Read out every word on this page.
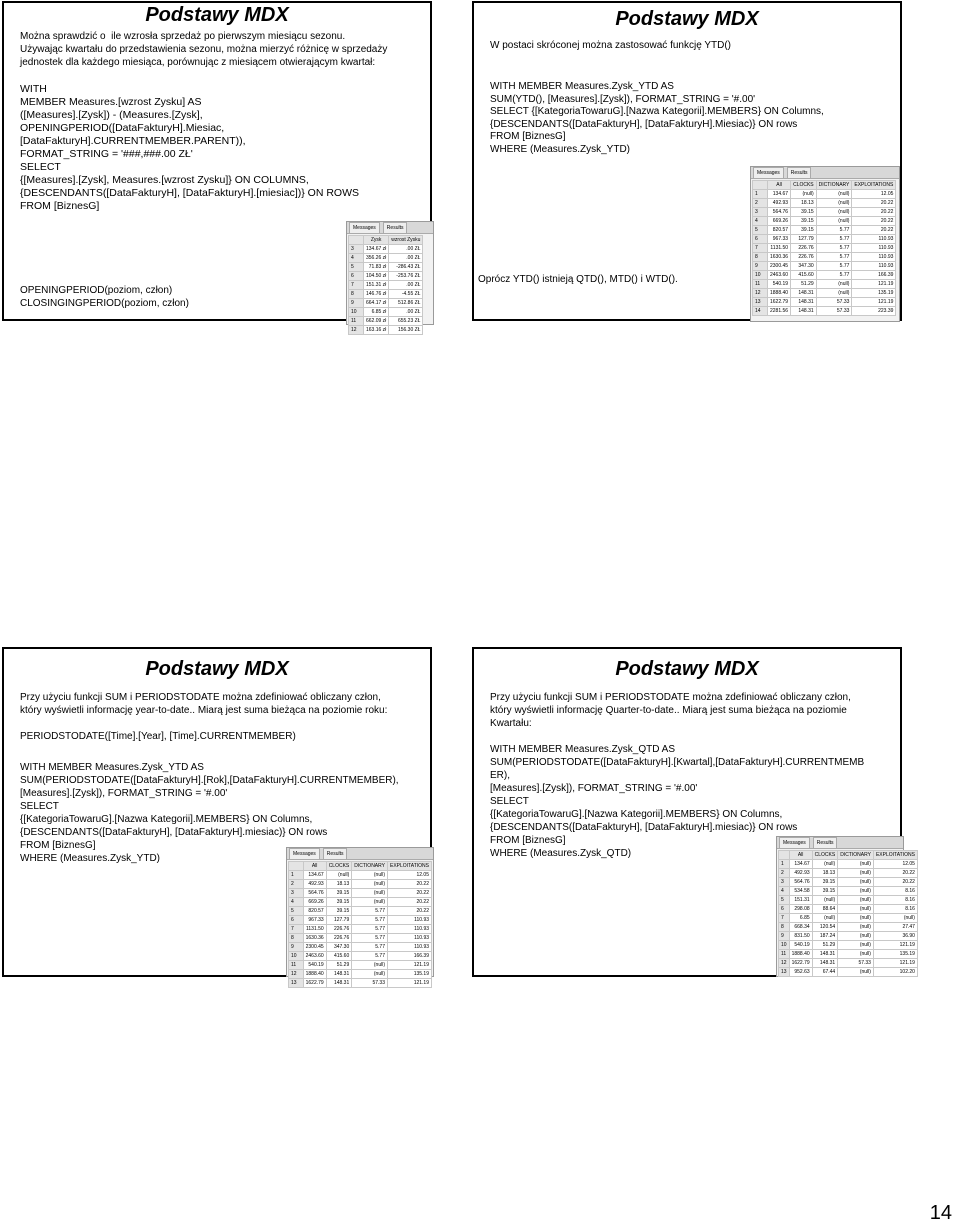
Podstawy MDX
Można sprawdzić o  ile wzrosła sprzedaż po pierwszym miesiącu sezonu.
Używając kwartału do przedstawienia sezonu, można mierzyć różnicę w sprzedaży
jednostek dla każdego miesiąca, porównując z miesiącem otwierającym kwartał:
WITH
MEMBER Measures.[wzrost Zysku] AS
([Measures].[Zysk]) - (Measures.[Zysk],
OPENINGPERIOD([DataFakturyH].Miesiac,
[DataFakturyH].CURRENTMEMBER.PARENT)),
FORMAT_STRING = '###,###.00 ZŁ'
SELECT
{[Measures].[Zysk], Measures.[wzrost Zysku]} ON COLUMNS,
{DESCENDANTS([DataFakturyH], [DataFakturyH].[miesiac])} ON ROWS
FROM [BiznesG]
OPENINGPERIOD(poziom, człon)
CLOSINGINGPERIOD(poziom, człon)
Messages	Results
	Zysk	wzrost Zysku
3	134.67 zł	.00 ZŁ
4	356.26 zł	.00 ZŁ
5	71.83 zł	-286.43 ZŁ
6	104.50 zł	-253.76 ZŁ
7	151.31 zł	.00 ZŁ
8	146.76 zł	-4.55 ZŁ
9	664.17 zł	512.86 ZŁ
10	6.85 zł	.00 ZŁ
11	662.09 zł	655.23 ZŁ
12	163.16 zł	156.30 ZŁ
Podstawy MDX
W postaci skróconej można zastosować funkcję YTD()
WITH MEMBER Measures.Zysk_YTD AS
SUM(YTD(), [Measures].[Zysk]), FORMAT_STRING = '#.00'
SELECT {[KategoriaTowaruG].[Nazwa Kategorii].MEMBERS} ON Columns,
{DESCENDANTS([DataFakturyH], [DataFakturyH].Miesiac)} ON rows
FROM [BiznesG]
WHERE (Measures.Zysk_YTD)
Oprócz YTD() istnieją QTD(), MTD() i WTD().
Messages	Results
	All	CLOCKS	DICTIONARY	EXPLOITATIONS
1	134.67	(null)	(null)	12.05
2	492.93	18.13	(null)	20.22
3	564.76	39.15	(null)	20.22
4	669.26	39.15	(null)	20.22
5	820.57	39.15	5.77	20.22
6	967.33	127.79	5.77	110.93
7	1131.50	226.76	5.77	110.93
8	1630.36	226.76	5.77	110.93
9	2300.45	347.30	5.77	110.93
10	2463.60	415.60	5.77	166.39
11	540.19	51.29	(null)	121.19
12	1888.40	148.31	(null)	135.19
13	1622.79	148.31	57.33	121.19
14	2281.56	148.31	57.33	223.39
Podstawy MDX
Przy użyciu funkcji SUM i PERIODSTODATE można zdefiniować obliczany człon,
który wyświetli informację year-to-date.. Miarą jest suma bieżąca na poziomie roku:
PERIODSTODATE([Time].[Year], [Time].CURRENTMEMBER)
WITH MEMBER Measures.Zysk_YTD AS
SUM(PERIODSTODATE([DataFakturyH].[Rok],[DataFakturyH].CURRENTMEMBER),
[Measures].[Zysk]), FORMAT_STRING = '#.00'
SELECT
{[KategoriaTowaruG].[Nazwa Kategorii].MEMBERS} ON Columns,
{DESCENDANTS([DataFakturyH], [DataFakturyH].miesiac)} ON rows
FROM [BiznesG]
WHERE (Measures.Zysk_YTD)	Messages	Results
	All	CLOCKS	DICTIONARY	EXPLOITATIONS
1	134.67	(null)	(null)	12.05
2	492.93	18.13	(null)	20.22
3	564.76	39.15	(null)	20.22
4	669.26	39.15	(null)	20.22
5	820.57	39.15	5.77	20.22
6	967.33	127.79	5.77	110.93
7	1131.50	226.76	5.77	110.93
8	1630.36	226.76	5.77	110.93
9	2300.45	347.30	5.77	110.93
10	2463.60	415.60	5.77	166.39
11	540.19	51.29	(null)	121.19
12	1888.40	148.31	(null)	135.19
13	1622.79	148.31	57.33	121.19
Podstawy MDX
Przy użyciu funkcji SUM i PERIODSTODATE można zdefiniować obliczany człon,
który wyświetli informację Quarter-to-date.. Miarą jest suma bieżąca na poziomie
Kwartału:
WITH MEMBER Measures.Zysk_QTD AS
SUM(PERIODSTODATE([DataFakturyH].[Kwartal],[DataFakturyH].CURRENTMEMB
ER),
[Measures].[Zysk]), FORMAT_STRING = '#.00'
SELECT
{[KategoriaTowaruG].[Nazwa Kategorii].MEMBERS} ON Columns,
{DESCENDANTS([DataFakturyH], [DataFakturyH].miesiac)} ON rows
FROM [BiznesG]
WHERE (Measures.Zysk_QTD)
Messages	Results
	All	CLOCKS	DICTIONARY	EXPLOITATIONS
1	134.67	(null)	(null)	12.05
2	492.93	18.13	(null)	20.22
3	564.76	39.15	(null)	20.22
4	534.58	39.15	(null)	8.16
5	151.31	(null)	(null)	8.16
6	298.08	88.64	(null)	8.16
7	6.85	(null)	(null)	(null)
8	668.34	120.54	(null)	27.47
9	831.50	187.24	(null)	36.90
10	540.19	51.29	(null)	121.19
11	1888.40	148.31	(null)	135.19
12	1622.79	148.31	57.33	121.19
13	952.63	67.44	(null)	102.20
14
